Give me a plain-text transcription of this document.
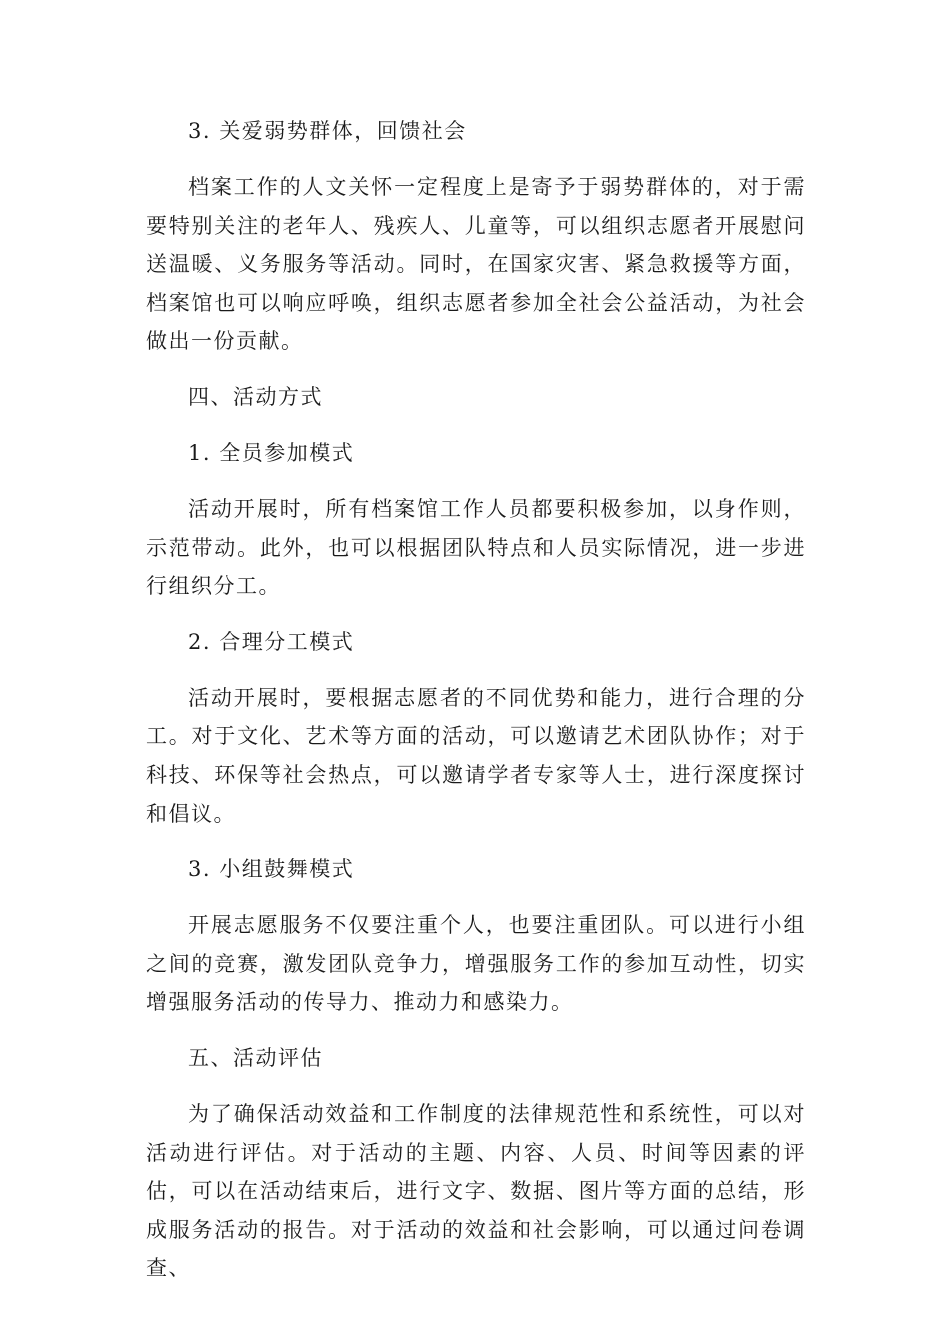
3. 关爱弱势群体，回馈社会

档案工作的人文关怀一定程度上是寄予于弱势群体的，对于需要特别关注的老年人、残疾人、儿童等，可以组织志愿者开展慰问送温暖、义务服务等活动。同时，在国家灾害、紧急救援等方面，档案馆也可以响应呼唤，组织志愿者参加全社会公益活动，为社会做出一份贡献。

四、活动方式

1. 全员参加模式

活动开展时，所有档案馆工作人员都要积极参加，以身作则，示范带动。此外，也可以根据团队特点和人员实际情况，进一步进行组织分工。

2. 合理分工模式

活动开展时，要根据志愿者的不同优势和能力，进行合理的分工。对于文化、艺术等方面的活动，可以邀请艺术团队协作；对于科技、环保等社会热点，可以邀请学者专家等人士，进行深度探讨和倡议。

3. 小组鼓舞模式

开展志愿服务不仅要注重个人，也要注重团队。可以进行小组之间的竞赛，激发团队竞争力，增强服务工作的参加互动性，切实增强服务活动的传导力、推动力和感染力。

五、活动评估

为了确保活动效益和工作制度的法律规范性和系统性，可以对活动进行评估。对于活动的主题、内容、人员、时间等因素的评估，可以在活动结束后，进行文字、数据、图片等方面的总结，形成服务活动的报告。对于活动的效益和社会影响，可以通过问卷调查、
